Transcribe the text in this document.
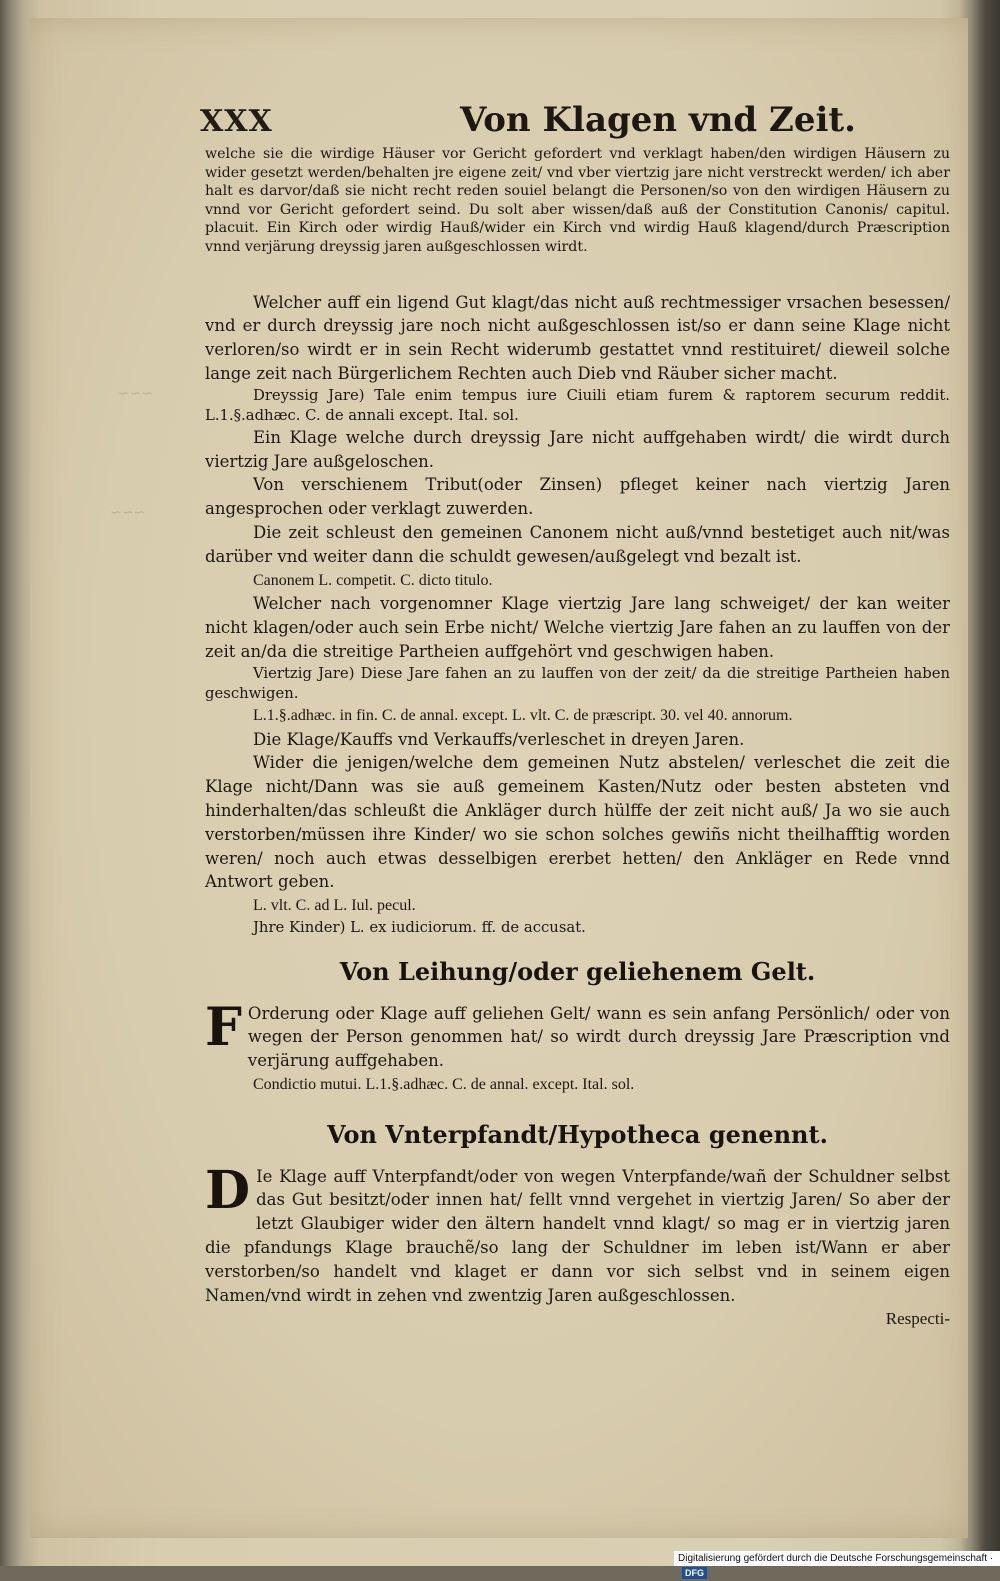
~~~
~~~
XXX	Von Klagen vnd Zeit.

welche sie die wirdige Häuser vor Gericht gefordert vnd verklagt haben/den wirdigen Häusern zu wider gesetzt werden/behalten jre eigene zeit/ vnd vber viertzig jare nicht verstreckt werden/ ich aber halt es darvor/daß sie nicht recht reden souiel belangt die Personen/so von den wirdigen Häusern zu vnnd vor Gericht gefordert seind. Du solt aber wissen/daß auß der Constitution Canonis/ capitul. placuit. Ein Kirch oder wirdig Hauß/wider ein Kirch vnd wirdig Hauß klagend/durch Præscription vnnd verjärung dreyssig jaren außgeschlossen wirdt.

Welcher auff ein ligend Gut klagt/das nicht auß rechtmessiger vrsachen besessen/ vnd er durch dreyssig jare noch nicht außgeschlossen ist/so er dann seine Klage nicht verloren/so wirdt er in sein Recht widerumb gestattet vnnd restituiret/ dieweil solche lange zeit nach Bürgerlichem Rechten auch Dieb vnd Räuber sicher macht.

Dreyssig Jare) Tale enim tempus iure Ciuili etiam furem & raptorem securum reddit. L.1.§.adhæc. C. de annali except. Ital. sol.

Ein Klage welche durch dreyssig Jare nicht auffgehaben wirdt/ die wirdt durch viertzig Jare außgeloschen.

Von verschienem Tribut(oder Zinsen) pfleget keiner nach viertzig Jaren angesprochen oder verklagt zuwerden.

Die zeit schleust den gemeinen Canonem nicht auß/vnnd bestetiget auch nit/was darüber vnd weiter dann die schuldt gewesen/außgelegt vnd bezalt ist.

Canonem L. competit. C. dicto titulo.

Welcher nach vorgenomner Klage viertzig Jare lang schweiget/ der kan weiter nicht klagen/oder auch sein Erbe nicht/ Welche viertzig Jare fahen an zu lauffen von der zeit an/da die streitige Partheien auffgehört vnd geschwigen haben.

Viertzig Jare) Diese Jare fahen an zu lauffen von der zeit/ da die streitige Partheien haben geschwigen.

L.1.§.adhæc. in fin. C. de annal. except. L. vlt. C. de præscript. 30. vel 40. annorum.

Die Klage/Kauffs vnd Verkauffs/verleschet in dreyen Jaren.

Wider die jenigen/welche dem gemeinen Nutz abstelen/ verleschet die zeit die Klage nicht/Dann was sie auß gemeinem Kasten/Nutz oder besten absteten vnd hinderhalten/das schleußt die Ankläger durch hülffe der zeit nicht auß/ Ja wo sie auch verstorben/müssen ihre Kinder/ wo sie schon solches gewiñs nicht theilhafftig worden weren/ noch auch etwas desselbigen ererbet hetten/ den Ankläger en Rede vnnd Antwort geben.

L. vlt. C. ad L. Iul. pecul.

Jhre Kinder) L. ex iudiciorum. ff. de accusat.

Von Leihung/oder geliehenem Gelt.

F Orderung oder Klage auff geliehen Gelt/ wann es sein anfang Persönlich/ oder von wegen der Person genommen hat/ so wirdt durch dreyssig Jare Præscription vnd verjärung auffgehaben.

Condictio mutui. L.1.§.adhæc. C. de annal. except. Ital. sol.

Von Vnterpfandt/Hypotheca genennt.

D Ie Klage auff Vnterpfandt/oder von wegen Vnterpfande/wañ der Schuldner selbst das Gut besitzt/oder innen hat/ fellt vnnd vergehet in viertzig Jaren/ So aber der letzt Glaubiger wider den ältern handelt vnnd klagt/ so mag er in viertzig jaren die pfandungs Klage brauchẽ/so lang der Schuldner im leben ist/Wann er aber verstorben/so handelt vnd klaget er dann vor sich selbst vnd in seinem eigen Namen/vnd wirdt in zehen vnd zwentzig Jaren außgeschlossen.

Respecti-

Digitalisierung gefördert durch die Deutsche Forschungsgemeinschaft ·DFG
